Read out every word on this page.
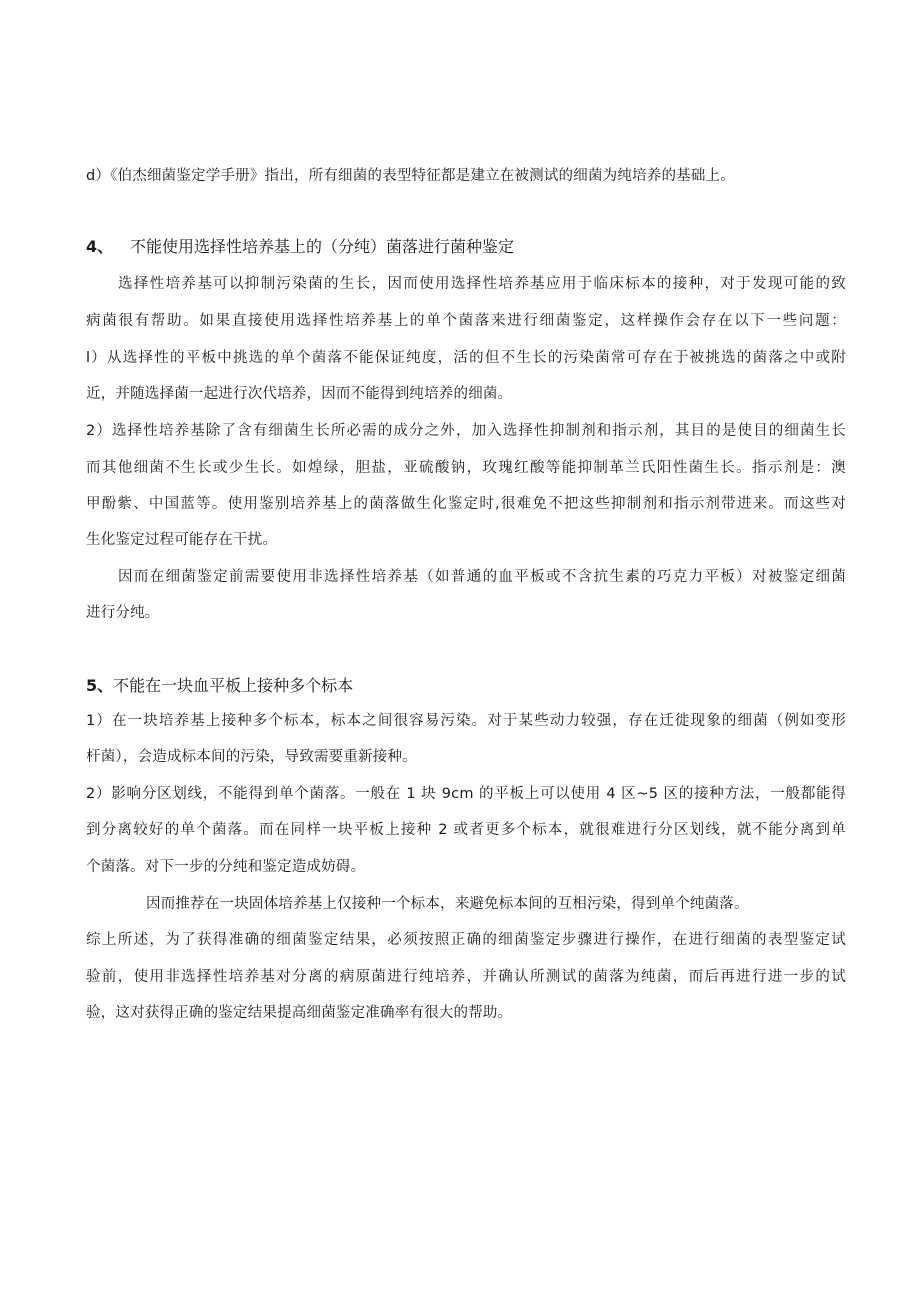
d）《伯杰细菌鉴定学手册》指出，所有细菌的表型特征都是建立在被测试的细菌为纯培养的基础上。
4、 不能使用选择性培养基上的（分纯）菌落进行菌种鉴定
选择性培养基可以抑制污染菌的生长，因而使用选择性培养基应用于临床标本的接种，对于发现可能的致
病菌很有帮助。如果直接使用选择性培养基上的单个菌落来进行细菌鉴定，这样操作会存在以下一些问题：
l）从选择性的平板中挑选的单个菌落不能保证纯度，活的但不生长的污染菌常可存在于被挑选的菌落之中或附
近，并随选择菌一起进行次代培养，因而不能得到纯培养的细菌。
2）选择性培养基除了含有细菌生长所必需的成分之外，加入选择性抑制剂和指示剂，其目的是使目的细菌生长
而其他细菌不生长或少生长。如煌绿，胆盐，亚硫酸钠，玫瑰红酸等能抑制革兰氏阳性菌生长。指示剂是：澳
甲酚紫、中国蓝等。使用鉴别培养基上的菌落做生化鉴定时,很难免不把这些抑制剂和指示剂带进来。而这些对
生化鉴定过程可能存在干扰。
因而在细菌鉴定前需要使用非选择性培养基（如普通的血平板或不含抗生素的巧克力平板）对被鉴定细菌
进行分纯。
5、不能在一块血平板上接种多个标本
1）在一块培养基上接种多个标本，标本之间很容易污染。对于某些动力较强，存在迁徙现象的细菌（例如变形
杆菌），会造成标本间的污染，导致需要重新接种。
2）影响分区划线，不能得到单个菌落。一般在 1 块 9cm 的平板上可以使用 4 区~5 区的接种方法，一般都能得
到分离较好的单个菌落。而在同样一块平板上接种 2 或者更多个标本，就很难进行分区划线，就不能分离到单
个菌落。对下一步的分纯和鉴定造成妨碍。
因而推荐在一块固体培养基上仅接种一个标本，来避免标本间的互相污染，得到单个纯菌落。
综上所述，为了获得准确的细菌鉴定结果，必须按照正确的细菌鉴定步骤进行操作，在进行细菌的表型鉴定试
验前，使用非选择性培养基对分离的病原菌进行纯培养，并确认所测试的菌落为纯菌，而后再进行进一步的试
验，这对获得正确的鉴定结果提高细菌鉴定准确率有很大的帮助。
